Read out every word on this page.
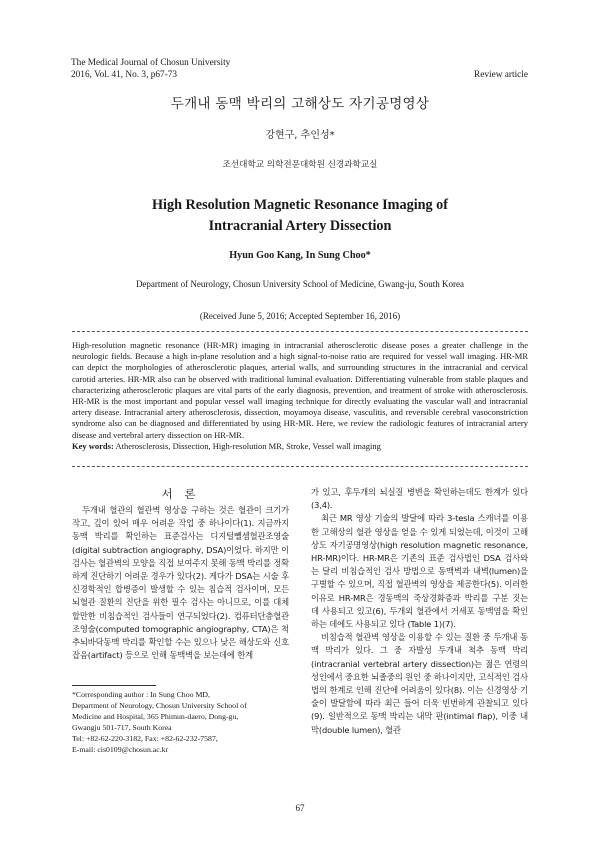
The Medical Journal of Chosun University
2016, Vol. 41, No. 3, p67-73	Review article
두개내 동맥 박리의 고해상도 자기공명영상
강현구, 추인성*
조선대학교 의학전문대학원 신경과학교실
High Resolution Magnetic Resonance Imaging of
Intracranial Artery Dissection
Hyun Goo Kang, In Sung Choo*
Department of Neurology, Chosun University School of Medicine, Gwang-ju, South Korea
(Received June 5, 2016; Accepted September 16, 2016)
High-resolution magnetic resonance (HR-MR) imaging in intracranial atherosclerotic disease poses a greater challenge in the neurologic fields. Because a high in-plane resolution and a high signal-to-noise ratio are required for vessel wall imaging. HR-MR can depict the morphologies of atherosclerotic plaques, arterial walls, and surrounding structures in the intracranial and cervical carotid arteries. HR-MR also can be observed with traditional luminal evaluation. Differentiating vulnerable from stable plaques and characterizing atherosclerotic plaques are vital parts of the early diagnosis, prevention, and treatment of stroke with atherosclerosis. HR-MR is the most important and popular vessel wall imaging technique for directly evaluating the vascular wall and intracranial artery disease. Intracranial artery atherosclerosis, dissection, moyamoya disease, vasculitis, and reversible cerebral vasoconstriction syndrome also can be diagnosed and differentiated by using HR-MR. Here, we review the radiologic features of intracranial artery disease and vertebral artery dissection on HR-MR.
Key words: Atherosclerosis, Dissection, High-resolution MR, Stroke, Vessel wall imaging
서 론

두개내 혈관의 혈관벽 영상을 구하는 것은 혈관이 크기가 작고, 깊이 있어 매우 어려운 작업 중 하나이다(1). 지금까지 동맥 박리를 확인하는 표준검사는 디지털뺄셈혈관조영술(digital subtraction angiography, DSA)이었다. 하지만 이 검사는 혈관벽의 모양을 직접 보여주지 못해 동맥 박리를 정확하게 진단하기 어려운 경우가 있다(2). 게다가 DSA는 시술 후 신경학적인 합병증이 발생할 수 있는 침습적 검사이며, 모든 뇌혈관 질환의 진단을 위한 필수 검사는 아니므로, 이를 대체할만한 비침습적인 검사들이 연구되었다(2). 컴퓨터단층혈관조영술(computed tomographic angiography, CTA)은 척추뇌바닥동맥 박리를 확인할 수는 있으나 낮은 해상도와 신호잡음(artifact) 등으로 인해 동맥벽을 보는데에 한계

가 있고, 후두개의 뇌실질 병변을 확인하는데도 한계가 있다(3,4).

최근 MR 영상 기술의 발달에 따라 3-tesla 스캐너를 이용한 고해상의 혈관 영상을 얻을 수 있게 되었는데, 이것이 고해상도 자기공명영상(high resolution magnetic resonance, HR-MR)이다. HR-MR은 기존의 표준 검사법인 DSA 검사와는 달리 비침습적인 검사 방법으로 동맥벽과 내벽(lumen)을 구별할 수 있으며, 직접 혈관벽의 영상을 제공한다(5). 이러한 이유로 HR-MR은 경동맥의 죽상경화증과 박리를 구분 짓는 데 사용되고 있고(6), 두개외 혈관에서 거세포 동맥염을 확인하는 데에도 사용되고 있다 (Table 1)(7).

비침습적 혈관벽 영상을 이용할 수 있는 질환 중 두개내 동맥 박리가 있다. 그 중 자발성 두개내 척추 동맥 박리(intracranial vertebral artery dissection)는 젊은 연령의 성인에서 중요한 뇌졸중의 원인 중 하나이지만, 고식적인 검사법의 한계로 인해 진단에 어려움이 있다(8). 이는 신경영상 기술이 발달함에 따라 최근 들어 더욱 빈번하게 관찰되고 있다(9). 일반적으로 동맥 박리는 내막 판(intimal flap), 이중 내막(double lumen), 혈관

*Corresponding author : In Sung Choo MD,
Department of Neurology, Chosun University School of
Medicine and Hospital, 365 Phimun-daero, Dong-gu,
Gwangju 501-717, South Korea
Tel: +82-62-220-3182, Fax: +82-62-232-7587,
E-mail: cis0109@chosun.ac.kr
67
